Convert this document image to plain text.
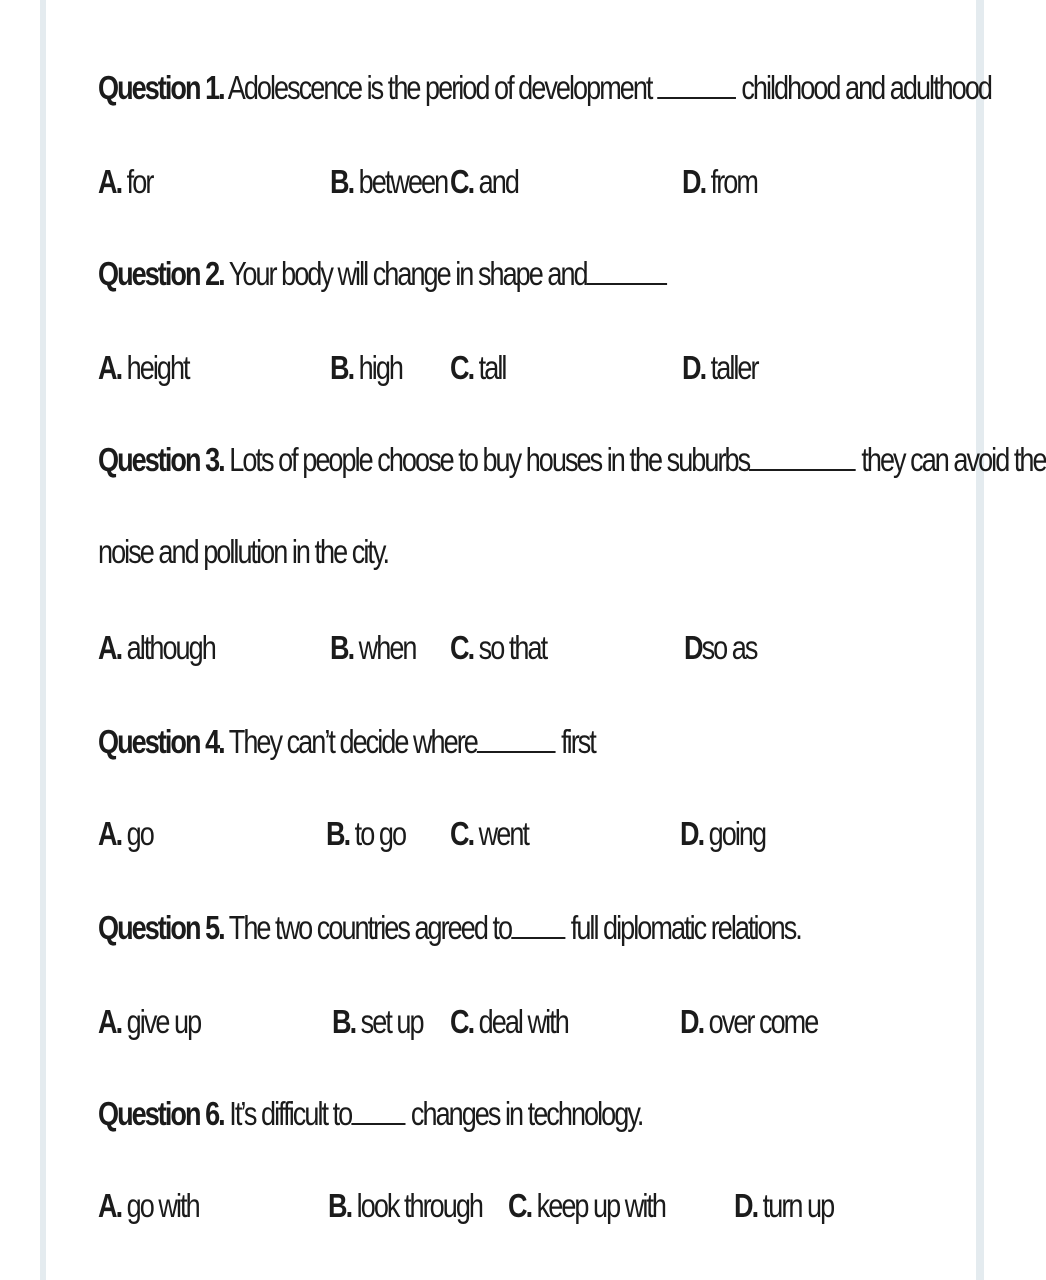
Question 1. Adolescence is the period of development	childhood and adulthood
A. for	B. between C. and	D. from
Question 2. Your body will change in shape and
A. height	B. high C. tall	D. taller
Question 3. Lots of people choose to buy houses in the suburbs	they can avoid the
noise and pollution in the city.
A. although	B. when C. so that	Dso as
Question 4. They can’t decide where	first
A. go	B. to go C. went	D. going
Question 5. The two countries agreed to full diplomatic relations.
A. give up	B. set up C. deal with	D. over come
Question 6. It’s difficult to changes in technology.
A. go with	B. look through C. keep up with D. turn up
